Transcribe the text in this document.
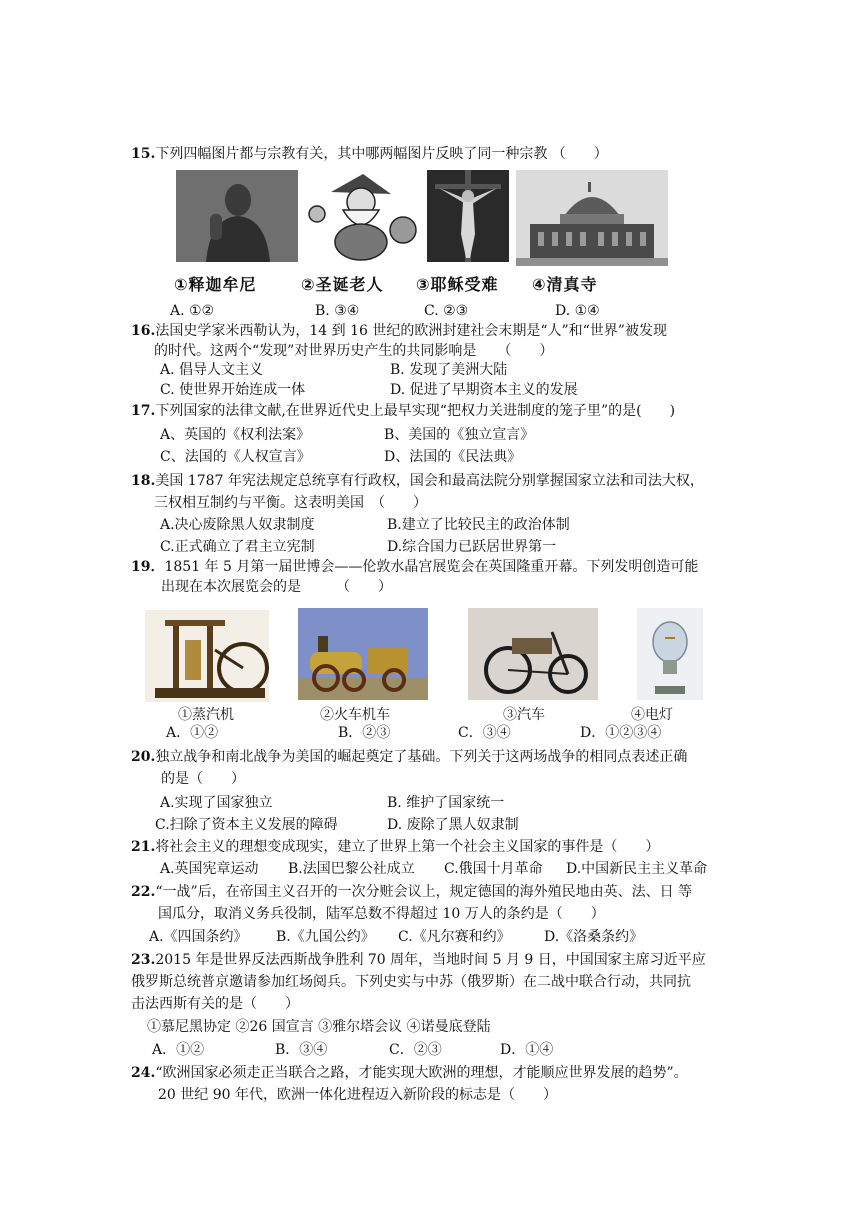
15.下列四幅图片都与宗教有关，其中哪两幅图片反映了同一种宗教 （　　）
①释迦牟尼	②圣诞老人 ③耶稣受难 ④清真寺
A. ①②	B. ③④	C. ②③	D. ①④
16.法国史学家米西勒认为，14 到 16 世纪的欧洲封建社会末期是“人”和“世界”被发现
的时代。这两个“发现”对世界历史产生的共同影响是　　（　　）
A. 倡导人文主义	B. 发现了美洲大陆
C. 使世界开始连成一体	D. 促进了早期资本主义的发展
17.下列国家的法律文献,在世界近代史上最早实现“把权力关进制度的笼子里”的是(　　)
A、英国的《权利法案》	B、美国的《独立宣言》
C、法国的《人权宣言》	D、法国的《民法典》
18.美国 1787 年宪法规定总统享有行政权，国会和最高法院分别掌握国家立法和司法大权，
三权相互制约与平衡。这表明美国　（　　）
A.决心废除黑人奴隶制度	B.建立了比较民主的政治体制
C.正式确立了君主立宪制	D.综合国力已跃居世界第一
19．1851 年 5 月第一届世博会——伦敦水晶宫展览会在英国隆重开幕。下列发明创造可能
出现在本次展览会的是　　　（　　）
①蒸汽机	②火车机车	③汽车	④电灯
A．①②	B．②③	C．③④	D．①②③④
20.独立战争和南北战争为美国的崛起奠定了基础。下列关于这两场战争的相同点表述正确
的是（　　）
A.实现了国家独立	B. 维护了国家统一
C.扫除了资本主义发展的障碍	D. 废除了黑人奴隶制
21.将社会主义的理想变成现实，建立了世界上第一个社会主义国家的事件是（　　）
A.英国宪章运动 B.法国巴黎公社成立 C.俄国十月革命 D.中国新民主主义革命
22.“一战”后，在帝国主义召开的一次分赃会议上，规定德国的海外殖民地由英、法、日 等
国瓜分，取消义务兵役制，陆军总数不得超过 10 万人的条约是（　　）
A.《四国条约》 B.《九国公约》 C.《凡尔赛和约》 D.《洛桑条约》
23.2015 年是世界反法西斯战争胜利 70 周年，当地时间 5 月 9 日，中国国家主席习近平应
俄罗斯总统普京邀请参加红场阅兵。下列史实与中苏（俄罗斯）在二战中联合行动，共同抗
击法西斯有关的是（　　）
①慕尼黑协定 ②26 国宣言 ③雅尔塔会议 ④诺曼底登陆
A．①②	B．③④	C．②③	D．①④
24.“欧洲国家必须走正当联合之路，才能实现大欧洲的理想，才能顺应世界发展的趋势”。
20 世纪 90 年代，欧洲一体化进程迈入新阶段的标志是（　　）
